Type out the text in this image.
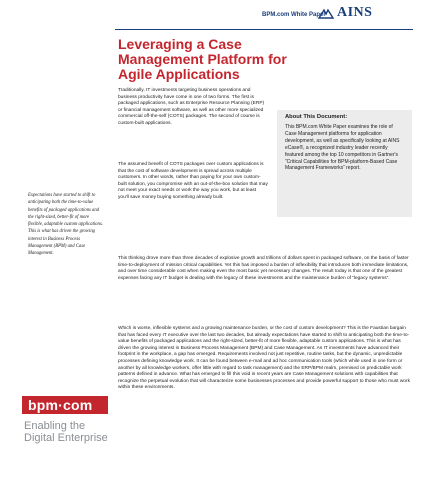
BPM.com White Paper AINS
Leveraging a Case Management Platform for Agile Applications
Traditionally, IT investments targeting business operations and business productivity have come in one of two forms. The first is packaged applications, such as Enterprise Resource Planning (ERP) or financial management software, as well as other more specialized commercial off-the-self (COTS) packages. The second of course is custom-built applications.
The assumed benefit of COTS packages over custom applications is that the cost of software development is spread across multiple customers. In other words, rather than paying for your own custom-built solution, you compromise with an out-of-the-box solution that may not meet your exact needs or work the way you work, but at least you'll save money buying something already built.
About This Document:
This BPM.com White Paper examines the role of Case Management platforms for application development, as well as specifically looking at AINS eCase®, a recognized industry leader recently featured among the top 10 competitors in Gartner's “Critical Capabilities for BPM-platform-Based Case Management Frameworks” report.
Expectations have started to shift to anticipating both the time-to-value benefits of packaged applications and the right-sized, better-fit of more flexible, adaptable custom applications. This is what has driven the growing interest in Business Process Management (BPM) and Case Management.
This thinking drove more than three decades of explosive growth and trillions of dollars spent in packaged software, on the basis of faster time-to-deployment of mission critical capabilities. Yet this has imposed a burden of inflexibility that introduces both immediate limitations, and over time considerable cost when making even the most basic yet necessary changes. The result today is that one of the greatest expenses facing any IT budget is dealing with the legacy of these investments and the maintenance burden of “legacy systems”.
Which is worse, inflexible systems and a growing maintenance burden, or the cost of custom development? This is the Faustian bargain that has faced every IT executive over the last two decades, but already expectations have started to shift to anticipating both the time-to-value benefits of packaged applications and the right-sized, better-fit of more flexible, adaptable custom applications. This is what has driven the growing interest in Business Process Management (BPM) and Case Management. As IT investments have advanced their footprint in the workplace, a gap has emerged. Requirements involved not just repetitive, routine tasks, but the dynamic, unpredictable processes defining knowledge work. It can be found between e-mail and ad hoc communication tools (which while used in one form or another by all knowledge workers, offer little with regard to task management) and the ERP/BPM realm, premised on predictable work patterns defined in advance. What has emerged to fill this void in recent years are Case Management solutions with capabilities that recognize the perpetual evolution that will characterize some businesses processes and provide powerful support to those who must work within these environments.
bpm·com
Enabling the Digital Enterprise
